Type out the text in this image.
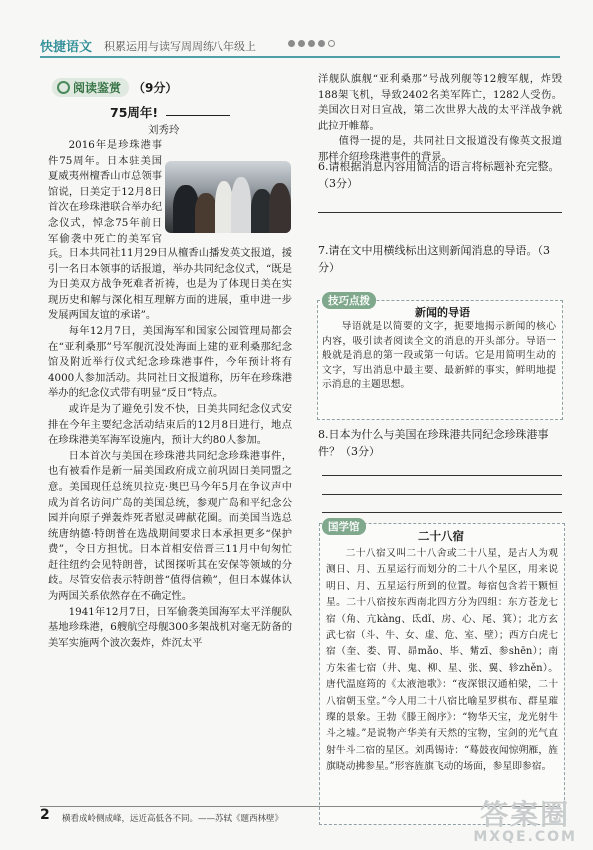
快捷语文 积累运用与读写周周练
八年级上
阅读鉴赏 （9分）
75周年!
刘秀玲

2016年是珍珠港事件75周年。日本驻美国夏威夷州檀香山市总领事馆说，日美定于12月8日首次在珍珠港联合举办纪念仪式，悼念75年前日军偷袭中死亡的美军官兵。 日本共同社11月29日从檀香山播发英文报道，援引一名日本领事的话报道，举办共同纪念仪式，“既是为日美双方战争死难者祈祷，也是为了体现日美在实现历史和解与深化相互理解方面的进展，重申进一步发展两国友谊的承诺”。

每年12月7日，美国海军和国家公园管理局都会在“亚利桑那”号军舰沉没处海面上建的亚利桑那纪念馆及附近举行仪式纪念珍珠港事件，今年预计将有4000人参加活动。共同社日文报道称，历年在珍珠港举办的纪念仪式带有明显“反日”特点。

或许是为了避免引发不快，日美共同纪念仪式安排在今年主要纪念活动结束后的12月8日进行，地点在珍珠港美军海军设施内，预计大约80人参加。

日本首次与美国在珍珠港共同纪念珍珠港事件，也有被看作是新一届美国政府成立前巩固日美同盟之意。美国现任总统贝拉克·奥巴马今年5月在争议声中成为首名访问广岛的美国总统，参观广岛和平纪念公园并向原子弹轰炸死者慰灵碑献花圈。而美国当选总统唐纳德·特朗普在选战期间要求日本承担更多“保护费”，令日方担忧。日本首相安倍晋三11月中旬匆忙赶往纽约会见特朗普，试图探听其在安保等领域的分歧。尽管安倍表示特朗普“值得信赖”，但日本媒体认为两国关系依然存在不确定性。

1941年12月7日，日军偷袭美国海军太平洋舰队基地珍珠港，6艘航空母舰300多架战机对毫无防备的美军实施两个波次轰炸，炸沉太平

洋舰队旗舰“亚利桑那”号战列舰等12艘军舰，炸毁188架飞机，导致2402名美军阵亡，1282人受伤。美国次日对日宣战，第二次世界大战的太平洋战争就此拉开帷幕。

值得一提的是，共同社日文报道没有像英文报道那样介绍珍珠港事件的背景。

6.请根据消息内容用简洁的语言将标题补充完整。（3分）
7.请在文中用横线标出这则新闻消息的导语。（3分）
技巧点拨
新闻的导语

导语就是以简要的文字，扼要地揭示新闻的核心内容，吸引读者阅读全文的消息的开头部分。导语一般就是消息的第一段或第一句话。它是用简明生动的文字，写出消息中最主要、最新鲜的事实，鲜明地提示消息的主题思想。

8.日本为什么与美国在珍珠港共同纪念珍珠港事件？（3分）
国学馆
二十八宿

二十八宿又叫二十八舍或二十八星，是古人为观测日、月、五星运行而划分的二十八个星区，用来说明日、月、五星运行所到的位置。每宿包含若干颗恒星。二十八宿按东西南北四方分为四组：东方苍龙七宿（角、亢kàng、氐dǐ、房、心、尾、箕）；北方玄武七宿（斗、牛、女、虚、危、室、壁）；西方白虎七宿（奎、娄、胃、昴mǎo、毕、觜zī、参shēn）；南方朱雀七宿（井、鬼、柳、星、张、翼、轸zhěn）。唐代温庭筠的《太液池歌》：“夜深银汉通柏梁，二十八宿朝玉堂。”今人用二十八宿比喻星罗棋布、群星璀璨的景象。王勃《滕王阁序》：“物华天宝，龙光射牛斗之墟。”是说物产华美有天然的宝物，宝剑的光气直射牛斗二宿的星区。刘禹锡诗：“蓦鼓夜闻惊朔雁，旌旗晓动拂参星。”形容旌旗飞动的场面，参星即参宿。

2 横看成岭侧成峰，远近高低各不同。——苏轼《题西林壁》	答案圈
MXQE.COM
